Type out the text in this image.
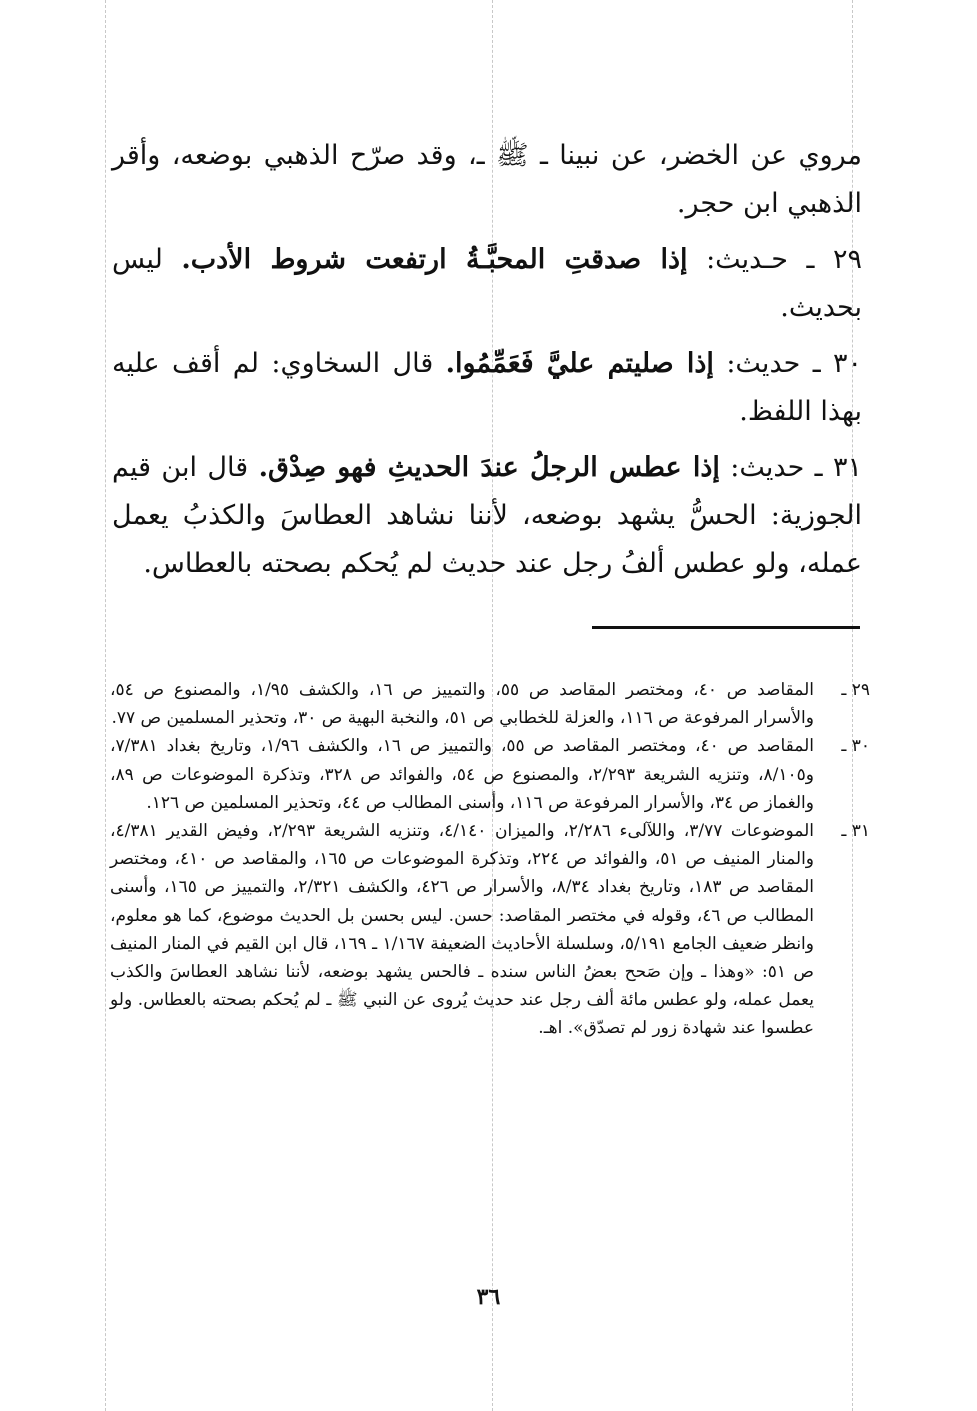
مروي عن الخضر، عن نبينا ـ ﷺ ـ، وقد صرّح الذهبي بوضعه، وأقر الذهبي ابن حجر.

٢٩ ـ حـديث: إذا صدقتِ المحبَّـةُ ارتفعت شروط الأدب. ليس بحديث.

٣٠ ـ حديث: إذا صليتم عليَّ فَعَمِّمُوا. قال السخاوي: لم أقف عليه بهذا اللفظ.

٣١ ـ حديث: إذا عطس الرجلُ عندَ الحديثِ فهو صِدْق. قال ابن قيم الجوزية: الحسُّ يشهد بوضعه، لأننا نشاهد العطاسَ والكذبُ يعمل عمله، ولو عطس ألفُ رجل عند حديث لم يُحكم بصحته بالعطاس.

٢٩ ـ
المقاصد ص ٤٠، ومختصر المقاصد ص ٥٥، والتمييز ص ١٦، والكشف ١/٩٥، والمصنوع ص ٥٤، والأسرار المرفوعة ص ١١٦، والعزلة للخطابي ص ٥١، والنخبة البهية ص ٣٠، وتحذير المسلمين ص ٧٧.
٣٠ ـ
المقاصد ص ٤٠، ومختصر المقاصد ص ٥٥، والتمييز ص ١٦، والكشف ١/٩٦، وتاريخ بغداد ٧/٣٨١، و٨/١٠٥، وتنزيه الشريعة ٢/٢٩٣، والمصنوع ص ٥٤، والفوائد ص ٣٢٨، وتذكرة الموضوعات ص ٨٩، والغماز ص ٣٤، والأسرار المرفوعة ص ١١٦، وأسنى المطالب ص ٤٤، وتحذير المسلمين ص ١٢٦.
٣١ ـ
الموضوعات ٣/٧٧، واللآلىء ٢/٢٨٦، والميزان ٤/١٤٠، وتنزيه الشريعة ٢/٢٩٣، وفيض القدير ٤/٣٨١، والمنار المنيف ص ٥١، والفوائد ص ٢٢٤، وتذكرة الموضوعات ص ١٦٥، والمقاصد ص ٤١٠، ومختصر المقاصد ص ١٨٣، وتاريخ بغداد ٨/٣٤، والأسرار ص ٤٢٦، والكشف ٢/٣٢١، والتمييز ص ١٦٥، وأسنى المطالب ص ٤٦، وقوله في مختصر المقاصد: حسن. ليس بحسن بل الحديث موضوع، كما هو معلوم، وانظر ضعيف الجامع ٥/١٩١، وسلسلة الأحاديث الضعيفة ١/١٦٧ ـ ١٦٩، قال ابن القيم في المنار المنيف ص ٥١: «وهذا ـ وإن صَحح بعضُ الناس سنده ـ فالحس يشهد بوضعه، لأننا نشاهد العطاسَ والكذب يعمل عمله، ولو عطس مائة ألف رجل عند حديث يُروى عن النبي ﷺ ـ لم يُحكم بصحته بالعطاس. ولو عطسوا عند شهادة زور لم تصدّق». اهـ.
٣٦
